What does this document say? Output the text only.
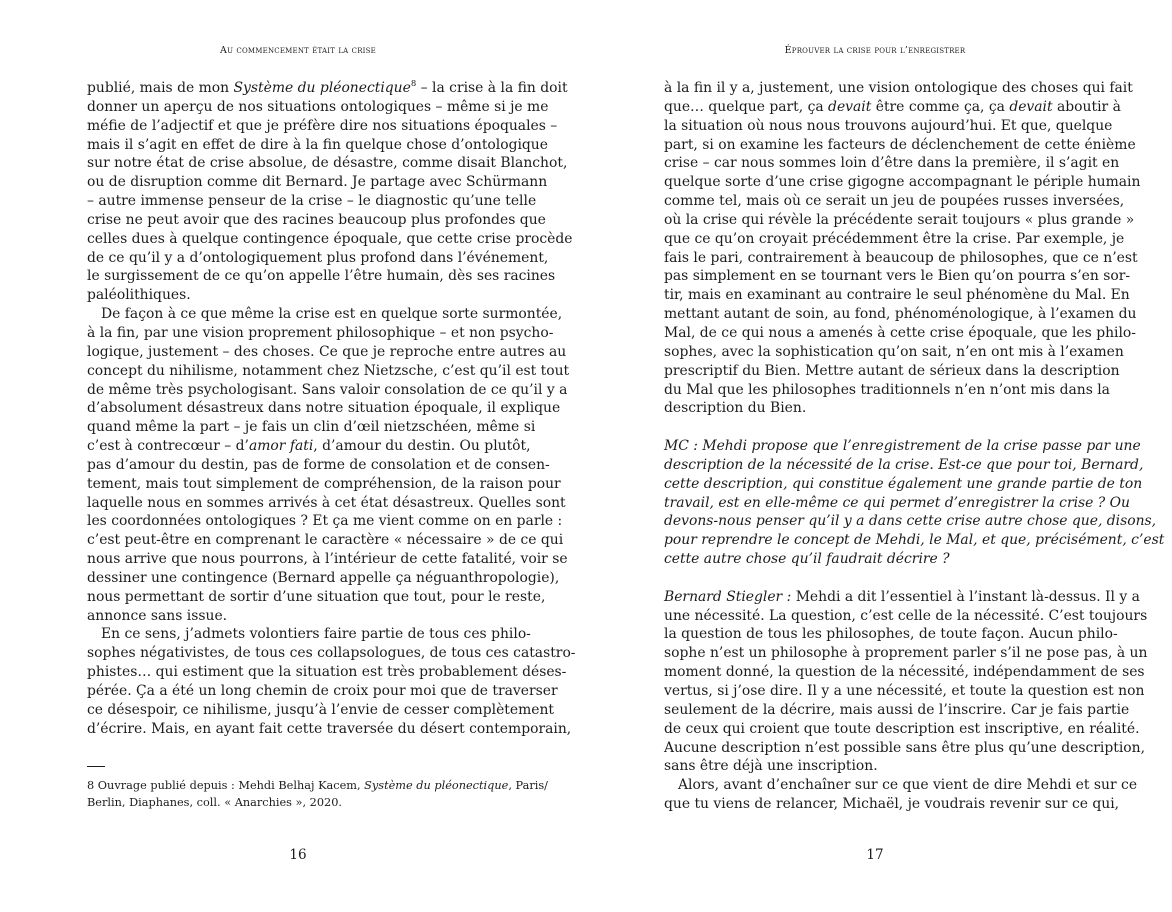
Au commencement était la crise
publié, mais de mon Système du pléonectique$^8$ – la crise à la fin doit
donner un aperçu de nos situations ontologiques – même si je me
méfie de l’adjectif et que je préfère dire nos situations époquales –
mais il s’agit en effet de dire à la fin quelque chose d’ontologique
sur notre état de crise absolue, de désastre, comme disait Blanchot,
ou de disruption comme dit Bernard. Je partage avec Schürmann
– autre immense penseur de la crise – le diagnostic qu’une telle
crise ne peut avoir que des racines beaucoup plus profondes que
celles dues à quelque contingence époquale, que cette crise procède
de ce qu’il y a d’ontologiquement plus profond dans l’événement,
le surgissement de ce qu’on appelle l’être humain, dès ses racines
paléolithiques.
De façon à ce que même la crise est en quelque sorte surmontée,
à la fin, par une vision proprement philosophique – et non psycho-
logique, justement – des choses. Ce que je reproche entre autres au
concept du nihilisme, notamment chez Nietzsche, c’est qu’il est tout
de même très psychologisant. Sans valoir consolation de ce qu’il y a
d’absolument désastreux dans notre situation époquale, il explique
quand même la part – je fais un clin d’œil nietzschéen, même si
c’est à contrecœur – d’amor fati, d’amour du destin. Ou plutôt,
pas d’amour du destin, pas de forme de consolation et de consen-
tement, mais tout simplement de compréhension, de la raison pour
laquelle nous en sommes arrivés à cet état désastreux. Quelles sont
les coordonnées ontologiques ? Et ça me vient comme on en parle :
c’est peut-être en comprenant le caractère « nécessaire » de ce qui
nous arrive que nous pourrons, à l’intérieur de cette fatalité, voir se
dessiner une contingence (Bernard appelle ça néguanthropologie),
nous permettant de sortir d’une situation que tout, pour le reste,
annonce sans issue.
En ce sens, j’admets volontiers faire partie de tous ces philo-
sophes négativistes, de tous ces collapsologues, de tous ces catastro-
phistes… qui estiment que la situation est très probablement déses-
pérée. Ça a été un long chemin de croix pour moi que de traverser
ce désespoir, ce nihilisme, jusqu’à l’envie de cesser complètement
d’écrire. Mais, en ayant fait cette traversée du désert contemporain,
8 Ouvrage publié depuis : Mehdi Belhaj Kacem, Système du pléonectique, Paris/
Berlin, Diaphanes, coll. « Anarchies », 2020.
16
Éprouver la crise pour l’enregistrer
à la fin il y a, justement, une vision ontologique des choses qui fait
que… quelque part, ça devait être comme ça, ça devait aboutir à
la situation où nous nous trouvons aujourd’hui. Et que, quelque
part, si on examine les facteurs de déclenchement de cette énième
crise – car nous sommes loin d’être dans la première, il s’agit en
quelque sorte d’une crise gigogne accompagnant le périple humain
comme tel, mais où ce serait un jeu de poupées russes inversées,
où la crise qui révèle la précédente serait toujours « plus grande »
que ce qu’on croyait précédemment être la crise. Par exemple, je
fais le pari, contrairement à beaucoup de philosophes, que ce n’est
pas simplement en se tournant vers le Bien qu’on pourra s’en sor-
tir, mais en examinant au contraire le seul phénomène du Mal. En
mettant autant de soin, au fond, phénoménologique, à l’examen du
Mal, de ce qui nous a amenés à cette crise époquale, que les philo-
sophes, avec la sophistication qu’on sait, n’en ont mis à l’examen
prescriptif du Bien. Mettre autant de sérieux dans la description
du Mal que les philosophes traditionnels n’en n’ont mis dans la
description du Bien.
MC : Mehdi propose que l’enregistrement de la crise passe par une
description de la nécessité de la crise. Est-ce que pour toi, Bernard,
cette description, qui constitue également une grande partie de ton
travail, est en elle-même ce qui permet d’enregistrer la crise ? Ou
devons-nous penser qu’il y a dans cette crise autre chose que, disons,
pour reprendre le concept de Mehdi, le Mal, et que, précisément, c’est
cette autre chose qu’il faudrait décrire ?
Bernard Stiegler : Mehdi a dit l’essentiel à l’instant là-dessus. Il y a
une nécessité. La question, c’est celle de la nécessité. C’est toujours
la question de tous les philosophes, de toute façon. Aucun philo-
sophe n’est un philosophe à proprement parler s’il ne pose pas, à un
moment donné, la question de la nécessité, indépendamment de ses
vertus, si j’ose dire. Il y a une nécessité, et toute la question est non
seulement de la décrire, mais aussi de l’inscrire. Car je fais partie
de ceux qui croient que toute description est inscriptive, en réalité.
Aucune description n’est possible sans être plus qu’une description,
sans être déjà une inscription.
Alors, avant d’enchaîner sur ce que vient de dire Mehdi et sur ce
que tu viens de relancer, Michaël, je voudrais revenir sur ce qui,
17
